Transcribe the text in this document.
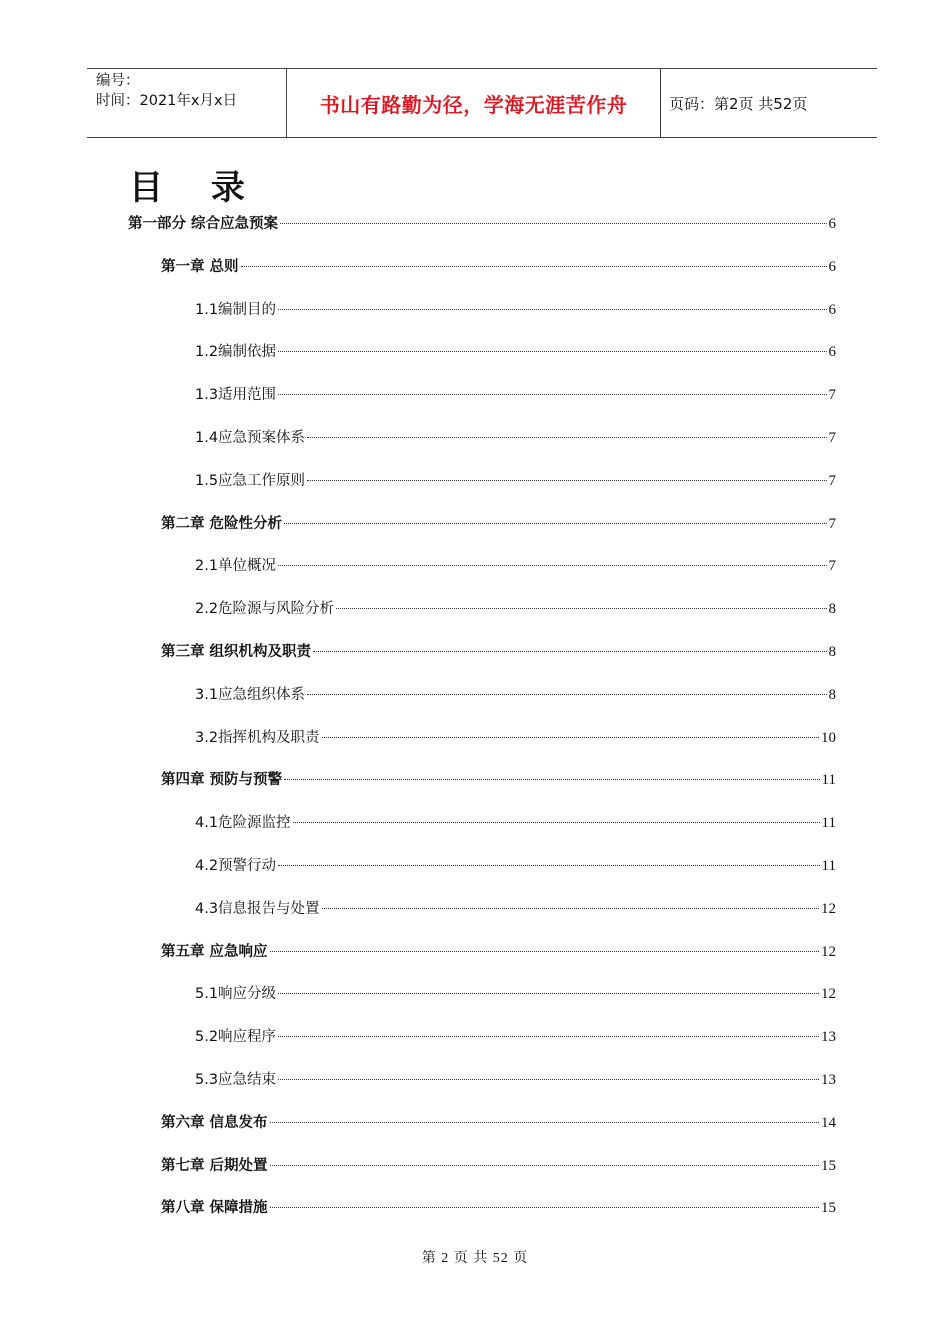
编号：
时间：2021年x月x日	书山有路勤为径，学海无涯苦作舟	页码：第2页 共52页
目 录
第一部分 综合应急预案	6
第一章 总则	6
1.1编制目的	6
1.2编制依据	6
1.3适用范围	7
1.4应急预案体系	7
1.5应急工作原则	7
第二章 危险性分析	7
2.1单位概况	7
2.2危险源与风险分析	8
第三章 组织机构及职责	8
3.1应急组织体系	8
3.2指挥机构及职责	10
第四章 预防与预警	11
4.1危险源监控	11
4.2预警行动	11
4.3信息报告与处置	12
第五章 应急响应	12
5.1响应分级	12
5.2响应程序	13
5.3应急结束	13
第六章 信息发布	14
第七章 后期处置	15
第八章 保障措施	15
第 2 页 共 52 页
